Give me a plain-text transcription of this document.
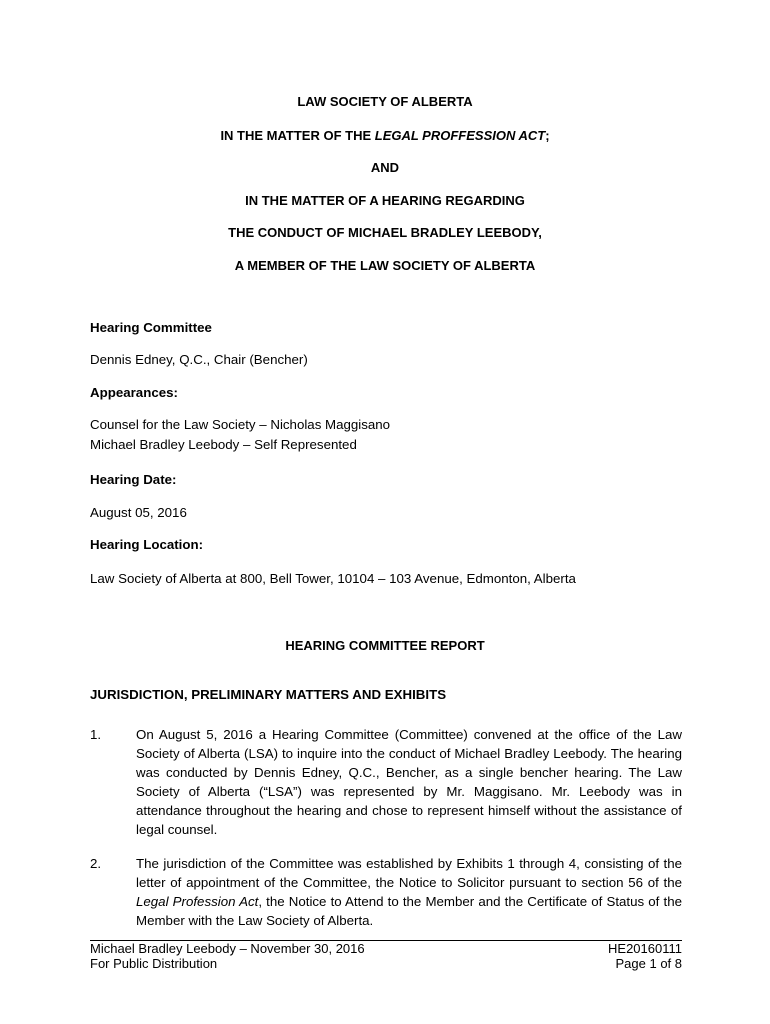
LAW SOCIETY OF ALBERTA
IN THE MATTER OF THE LEGAL PROFFESSION ACT;
AND
IN THE MATTER OF A HEARING REGARDING
THE CONDUCT OF MICHAEL BRADLEY LEEBODY,
A MEMBER OF THE LAW SOCIETY OF ALBERTA
Hearing Committee
Dennis Edney, Q.C., Chair (Bencher)
Appearances:
Counsel for the Law Society – Nicholas Maggisano
Michael Bradley Leebody – Self Represented
Hearing Date:
August 05, 2016
Hearing Location:
Law Society of Alberta at 800, Bell Tower, 10104 – 103 Avenue, Edmonton, Alberta
HEARING COMMITTEE REPORT
JURISDICTION, PRELIMINARY MATTERS AND EXHIBITS
1.	On August 5, 2016 a Hearing Committee (Committee) convened at the office of the Law Society of Alberta (LSA) to inquire into the conduct of Michael Bradley Leebody. The hearing was conducted by Dennis Edney, Q.C., Bencher, as a single bencher hearing. The Law Society of Alberta (“LSA”) was represented by Mr. Maggisano. Mr. Leebody was in attendance throughout the hearing and chose to represent himself without the assistance of legal counsel.
2.	The jurisdiction of the Committee was established by Exhibits 1 through 4, consisting of the letter of appointment of the Committee, the Notice to Solicitor pursuant to section 56 of the Legal Profession Act, the Notice to Attend to the Member and the Certificate of Status of the Member with the Law Society of Alberta.
Michael Bradley Leebody – November 30, 2016	HE20160111
For Public Distribution	Page 1 of 8
